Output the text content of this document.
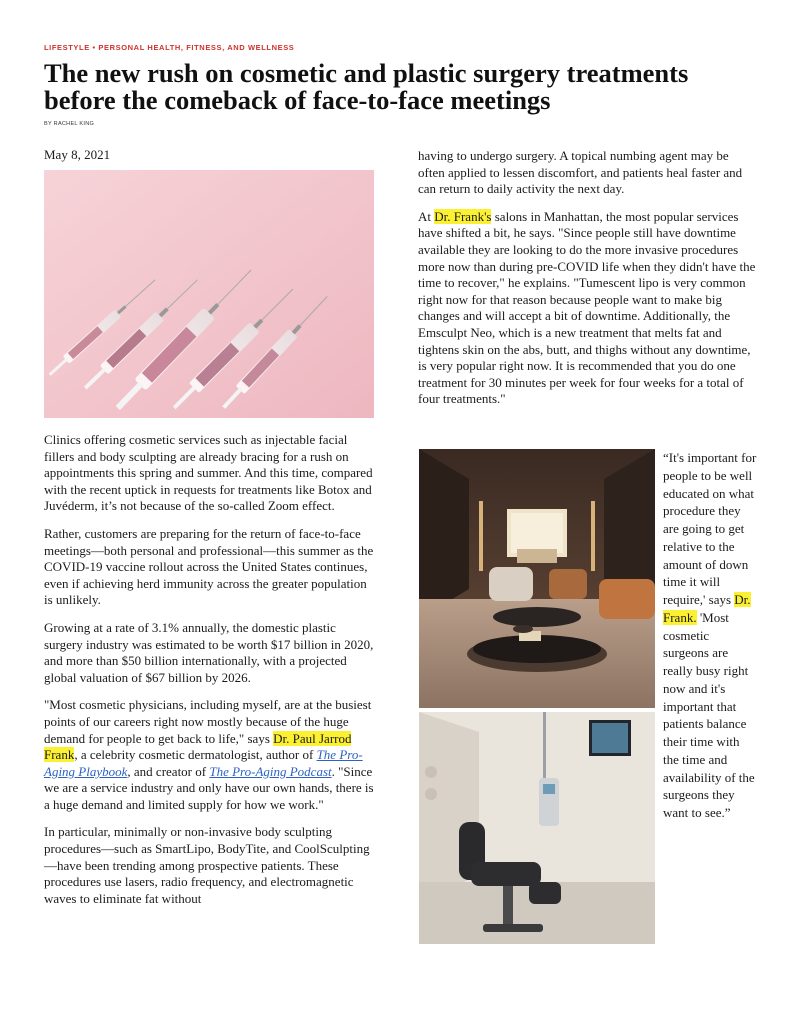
LIFESTYLE • PERSONAL HEALTH, FITNESS, AND WELLNESS
The new rush on cosmetic and plastic surgery treatments before the comeback of face-to-face meetings
BY RACHEL KING
May 8, 2021

Clinics offering cosmetic services such as injectable facial fillers and body sculpting are already bracing for a rush on appointments this spring and summer. And this time, compared with the recent uptick in requests for treatments like Botox and Juvéderm, it’s not because of the so-called Zoom effect.

Rather, customers are preparing for the return of face-to-face meetings—both personal and professional—this summer as the COVID-19 vaccine rollout across the United States continues, even if achieving herd immunity across the greater population is unlikely.

Growing at a rate of 3.1% annually, the domestic plastic surgery industry was estimated to be worth $17 billion in 2020, and more than $50 billion internationally, with a projected global valuation of $67 billion by 2026.

"Most cosmetic physicians, including myself, are at the busiest points of our careers right now mostly because of the huge demand for people to get back to life," says Dr. Paul Jarrod Frank, a celebrity cosmetic dermatologist, author of The Pro-Aging Playbook, and creator of The Pro-Aging Podcast. "Since we are a service industry and only have our own hands, there is a huge demand and limited supply for how we work."

In particular, minimally or non-invasive body sculpting procedures—such as SmartLipo, BodyTite, and CoolSculpting—have been trending among prospective patients. These procedures use lasers, radio frequency, and electromagnetic waves to eliminate fat without

having to undergo surgery. A topical numbing agent may be often applied to lessen discomfort, and patients heal faster and can return to daily activity the next day.

At Dr. Frank's salons in Manhattan, the most popular services have shifted a bit, he says. "Since people still have downtime available they are looking to do the more invasive procedures more now than during pre-COVID life when they didn't have the time to recover," he explains. "Tumescent lipo is very common right now for that reason because people want to make big changes and will accept a bit of downtime. Additionally, the Emsculpt Neo, which is a new treatment that melts fat and tightens skin on the abs, butt, and thighs without any downtime, is very popular right now. It is recommended that you do one treatment for 30 minutes per week for four weeks for a total of four treatments."

“It's important for people to be well educated on what procedure they are going to get relative to the amount of down time it will require,' says Dr. Frank. 'Most cosmetic surgeons are really busy right now and it's important that patients balance their time with the time and availability of the surgeons they want to see.”
